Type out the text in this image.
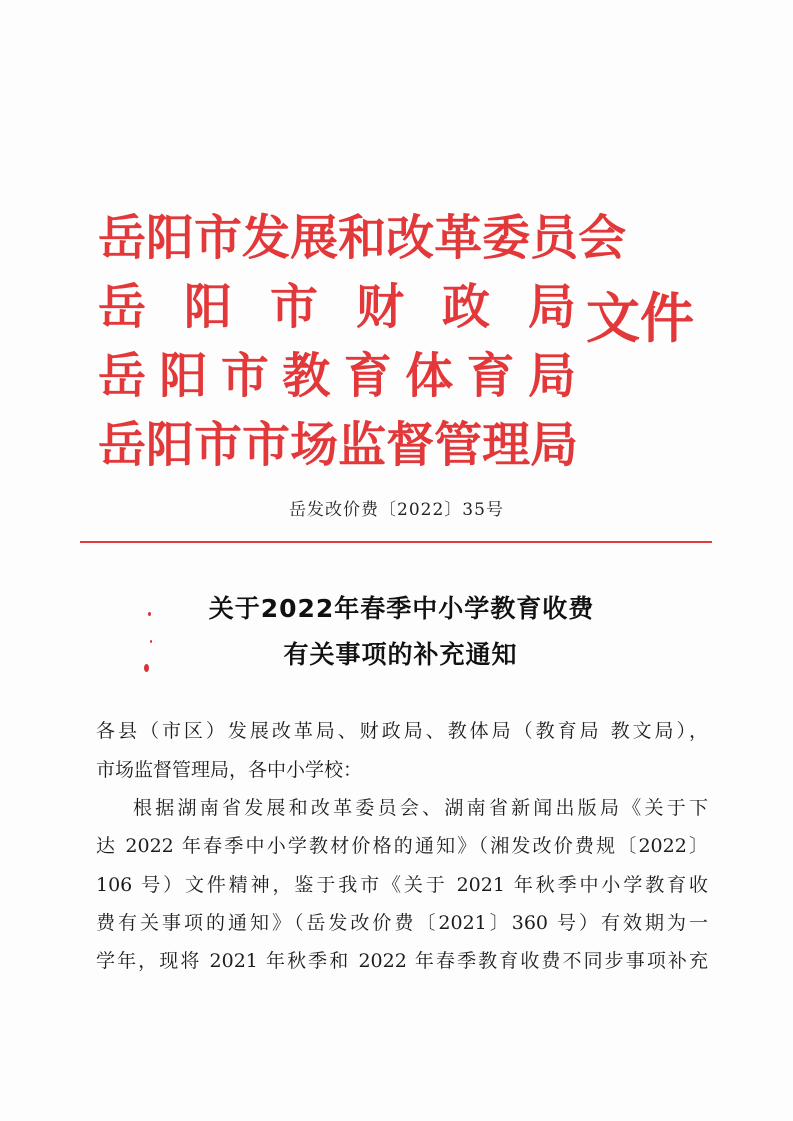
岳 阳 市 发 展 和 改 革 委 员 会
岳 阳 市 财 政 局
岳 阳 市 教 育 体 育 局
岳 阳 市 市 场 监 督 管 理 局
文件
岳发改价费〔2022〕35号
关于2022年春季中小学教育收费
有关事项的补充通知
各县（市区）发展改革局、财政局、教体局（教育局 教文局），
市场监督管理局，各中小学校：
根据湖南省发展和改革委员会、湖南省新闻出版局《关于下
达 2022 年春季中小学教材价格的通知》（湘发改价费规〔2022〕
106 号）文件精神，鉴于我市《关于 2021 年秋季中小学教育收
费有关事项的通知》（岳发改价费〔2021〕360 号）有效期为一
学年，现将 2021 年秋季和 2022 年春季教育收费不同步事项补充
